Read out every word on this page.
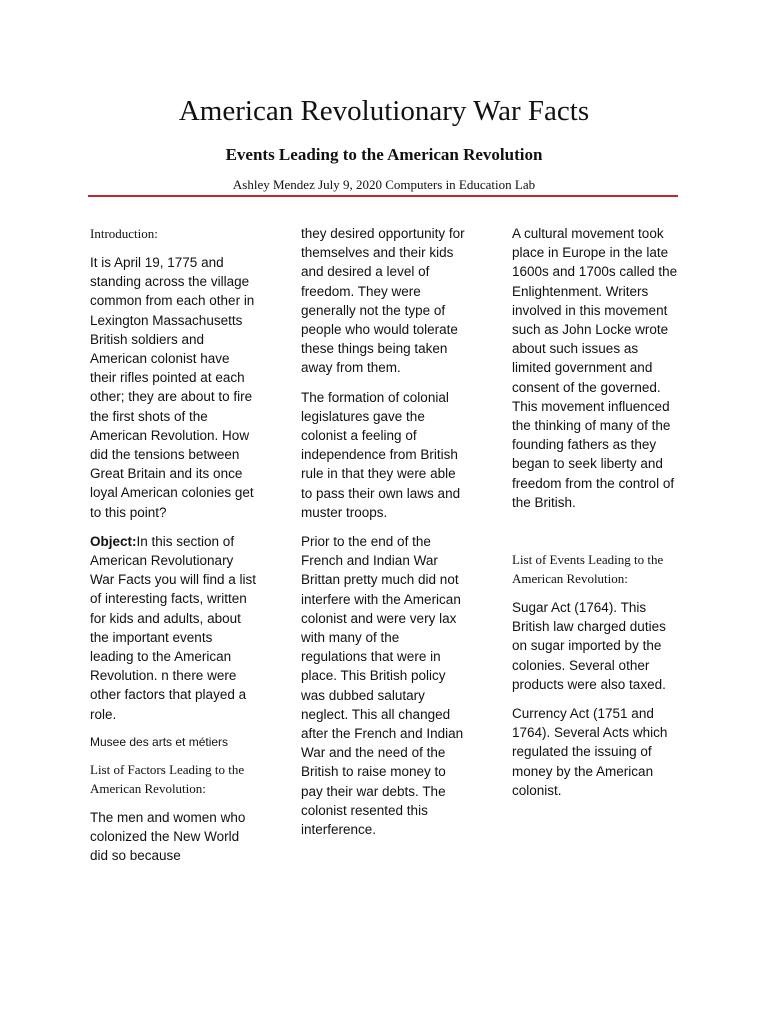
American Revolutionary War Facts
Events Leading to the American Revolution
Ashley Mendez July 9, 2020 Computers in Education Lab

Introduction:

It is April 19, 1775 and standing across the village common from each other in Lexington Massachusetts British soldiers and American colonist have their rifles pointed at each other; they are about to fire the first shots of the American Revolution. How did the tensions between Great Britain and its once loyal American colonies get to this point?

Object:In this section of American Revolutionary War Facts you will find a list of interesting facts, written for kids and adults, about the important events leading to the American Revolution. n there were other factors that played a role.

Musee des arts et métiers

List of Factors Leading to the American Revolution:

The men and women who colonized the New World did so because

they desired opportunity for themselves and their kids and desired a level of freedom. They were generally not the type of people who would tolerate these things being taken away from them.

The formation of colonial legislatures gave the colonist a feeling of independence from British rule in that they were able to pass their own laws and muster troops.

Prior to the end of the French and Indian War Brittan pretty much did not interfere with the American colonist and were very lax with many of the regulations that were in place. This British policy was dubbed salutary neglect. This all changed after the French and Indian War and the need of the British to raise money to pay their war debts. The colonist resented this interference.

A cultural movement took place in Europe in the late 1600s and 1700s called the Enlightenment. Writers involved in this movement such as John Locke wrote about such issues as limited government and consent of the governed. This movement influenced the thinking of many of the founding fathers as they began to seek liberty and freedom from the control of the British.

List of Events Leading to the American Revolution:

Sugar Act (1764). This British law charged duties on sugar imported by the colonies. Several other products were also taxed.

Currency Act (1751 and 1764). Several Acts which regulated the issuing of money by the American colonist.
